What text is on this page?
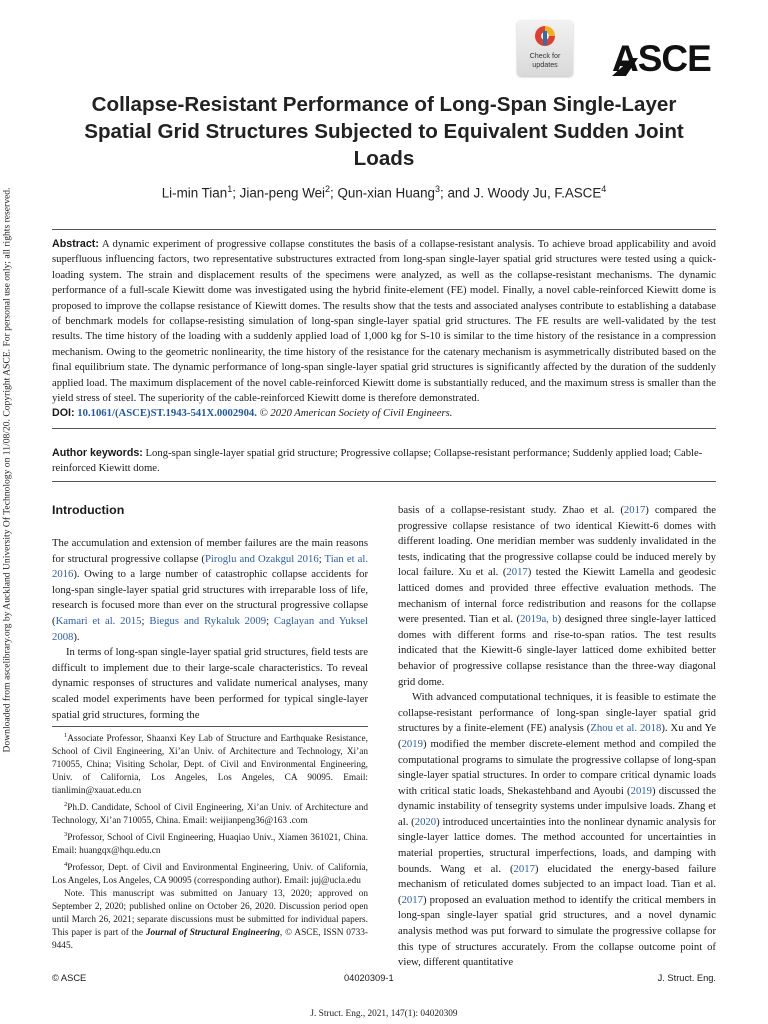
Downloaded from ascelibrary.org by Auckland University Of Technology on 11/08/20. Copyright ASCE. For personal use only; all rights reserved.
Check for
updates	ASCE
Collapse-Resistant Performance of Long-Span Single-Layer Spatial Grid Structures Subjected to Equivalent Sudden Joint Loads
Li-min Tian$^1$; Jian-peng Wei$^2$; Qun-xian Huang$^3$; and J. Woody Ju, F.ASCE$^4$

Abstract: A dynamic experiment of progressive collapse constitutes the basis of a collapse-resistant analysis. To achieve broad applicability and avoid superfluous influencing factors, two representative substructures extracted from long-span single-layer spatial grid structures were tested using a quick-loading system. The strain and displacement results of the specimens were analyzed, as well as the collapse-resistant mechanisms. The dynamic performance of a full-scale Kiewitt dome was investigated using the hybrid finite-element (FE) model. Finally, a novel cable-reinforced Kiewitt dome is proposed to improve the collapse resistance of Kiewitt domes. The results show that the tests and associated analyses contribute to establishing a database of benchmark models for collapse-resisting simulation of long-span single-layer spatial grid structures. The FE results are well-validated by the test results. The time history of the loading with a suddenly applied load of 1,000 kg for S-10 is similar to the time history of the resistance in a compression mechanism. Owing to the geometric nonlinearity, the time history of the resistance for the catenary mechanism is asymmetrically distributed based on the final equilibrium state. The dynamic performance of long-span single-layer spatial grid structures is significantly affected by the duration of the suddenly applied load. The maximum displacement of the novel cable-reinforced Kiewitt dome is substantially reduced, and the maximum stress is smaller than the yield stress of steel. The superiority of the cable-reinforced Kiewitt dome is therefore demonstrated.
DOI: 10.1061/(ASCE)ST.1943-541X.0002904. © 2020 American Society of Civil Engineers.

Author keywords: Long-span single-layer spatial grid structure; Progressive collapse; Collapse-resistant performance; Suddenly applied load; Cable-reinforced Kiewitt dome.

Introduction

The accumulation and extension of member failures are the main reasons for structural progressive collapse (Piroglu and Ozakgul 2016; Tian et al. 2016). Owing to a large number of catastrophic collapse accidents for long-span single-layer spatial grid structures with irreparable loss of life, research is focused more than ever on the structural progressive collapse (Kamari et al. 2015; Biegus and Rykaluk 2009; Caglayan and Yuksel 2008).

In terms of long-span single-layer spatial grid structures, field tests are difficult to implement due to their large-scale characteristics. To reveal dynamic responses of structures and validate numerical analyses, many scaled model experiments have been performed for typical single-layer spatial grid structures, forming the

$^1$Associate Professor, Shaanxi Key Lab of Structure and Earthquake Resistance, School of Civil Engineering, Xi’an Univ. of Architecture and Technology, Xi’an 710055, China; Visiting Scholar, Dept. of Civil and Environmental Engineering, Univ. of California, Los Angeles, Los Angeles, CA 90095. Email: tianlimin@xauat.edu.cn

$^2$Ph.D. Candidate, School of Civil Engineering, Xi’an Univ. of Architecture and Technology, Xi’an 710055, China. Email: weijianpeng36@163 .com

$^3$Professor, School of Civil Engineering, Huaqiao Univ., Xiamen 361021, China. Email: huangqx@hqu.edu.cn

$^4$Professor, Dept. of Civil and Environmental Engineering, Univ. of California, Los Angeles, Los Angeles, CA 90095 (corresponding author). Email: juj@ucla.edu

Note. This manuscript was submitted on January 13, 2020; approved on September 2, 2020; published online on October 26, 2020. Discussion period open until March 26, 2021; separate discussions must be submitted for individual papers. This paper is part of the Journal of Structural Engineering, © ASCE, ISSN 0733-9445.

basis of a collapse-resistant study. Zhao et al. (2017) compared the progressive collapse resistance of two identical Kiewitt-6 domes with different loading. One meridian member was suddenly invalidated in the tests, indicating that the progressive collapse could be induced merely by local failure. Xu et al. (2017) tested the Kiewitt Lamella and geodesic latticed domes and provided three effective evaluation methods. The mechanism of internal force redistribution and reasons for the collapse were presented. Tian et al. (2019a, b) designed three single-layer latticed domes with different forms and rise-to-span ratios. The test results indicated that the Kiewitt-6 single-layer latticed dome exhibited better behavior of progressive collapse resistance than the three-way diagonal grid dome.

With advanced computational techniques, it is feasible to estimate the collapse-resistant performance of long-span single-layer spatial grid structures by a finite-element (FE) analysis (Zhou et al. 2018). Xu and Ye (2019) modified the member discrete-element method and compiled the computational programs to simulate the progressive collapse of long-span single-layer spatial structures. In order to compare critical dynamic loads with critical static loads, Shekastehband and Ayoubi (2019) discussed the dynamic instability of tensegrity systems under impulsive loads. Zhang et al. (2020) introduced uncertainties into the nonlinear dynamic analysis for single-layer lattice domes. The method accounted for uncertainties in material properties, structural imperfections, loads, and damping with bounds. Wang et al. (2017) elucidated the energy-based failure mechanism of reticulated domes subjected to an impact load. Tian et al. (2017) proposed an evaluation method to identify the critical members in long-span single-layer spatial grid structures, and a novel dynamic analysis method was put forward to simulate the progressive collapse for this type of structures accurately. From the collapse outcome point of view, different quantitative

© ASCE	04020309-1	J. Struct. Eng.
J. Struct. Eng., 2021, 147(1): 04020309
